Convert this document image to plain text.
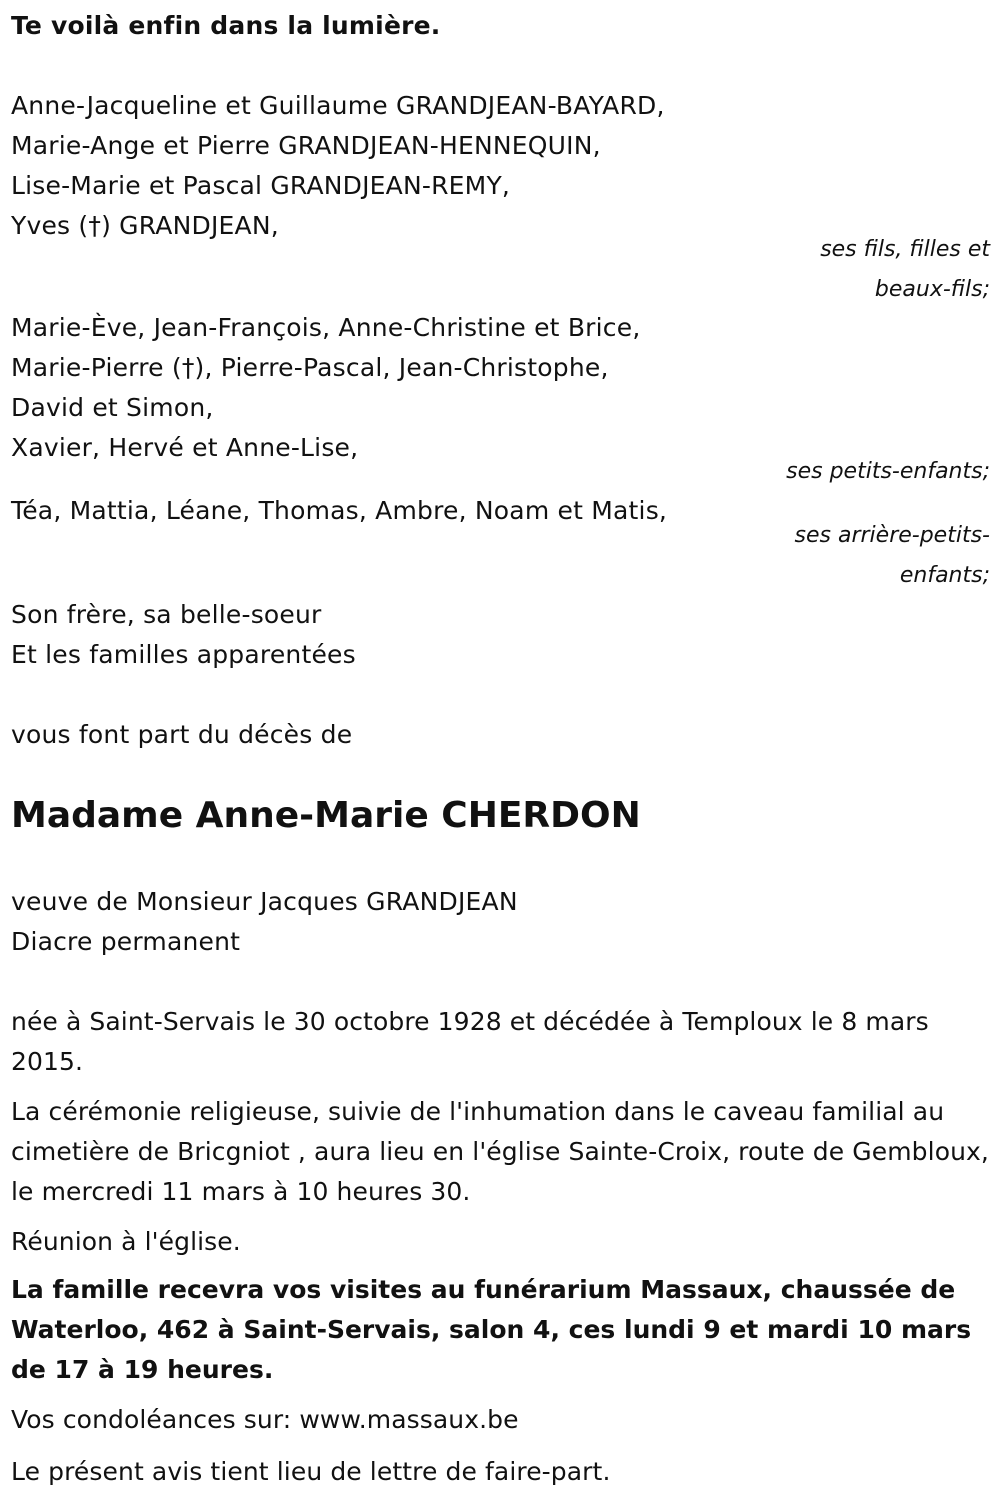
Te voilà enfin dans la lumière.
Anne-Jacqueline et Guillaume GRANDJEAN-BAYARD,
Marie-Ange et Pierre GRANDJEAN-HENNEQUIN,
Lise-Marie et Pascal GRANDJEAN-REMY,
Yves (†) GRANDJEAN,
ses fils, filles et
beaux-fils;
Marie-Ève, Jean-François, Anne-Christine et Brice,
Marie-Pierre (†), Pierre-Pascal, Jean-Christophe,
David et Simon,
Xavier, Hervé et Anne-Lise,
ses petits-enfants;
Téa, Mattia, Léane, Thomas, Ambre, Noam et Matis,
ses arrière-petits-
enfants;
Son frère, sa belle-soeur
Et les familles apparentées
vous font part du décès de
Madame Anne-Marie CHERDON
veuve de Monsieur Jacques GRANDJEAN
Diacre permanent
née à Saint-Servais le 30 octobre 1928 et décédée à Temploux le 8 mars 2015.
La cérémonie religieuse, suivie de l'inhumation dans le caveau familial au cimetière de Bricgniot , aura lieu en l'église Sainte-Croix, route de Gembloux, le mercredi 11 mars à 10 heures 30.
Réunion à l'église.
La famille recevra vos visites au funérarium Massaux, chaussée de Waterloo, 462 à Saint-Servais, salon 4, ces lundi 9 et mardi 10 mars de 17 à 19 heures.
Vos condoléances sur: www.massaux.be
Le présent avis tient lieu de lettre de faire-part.
